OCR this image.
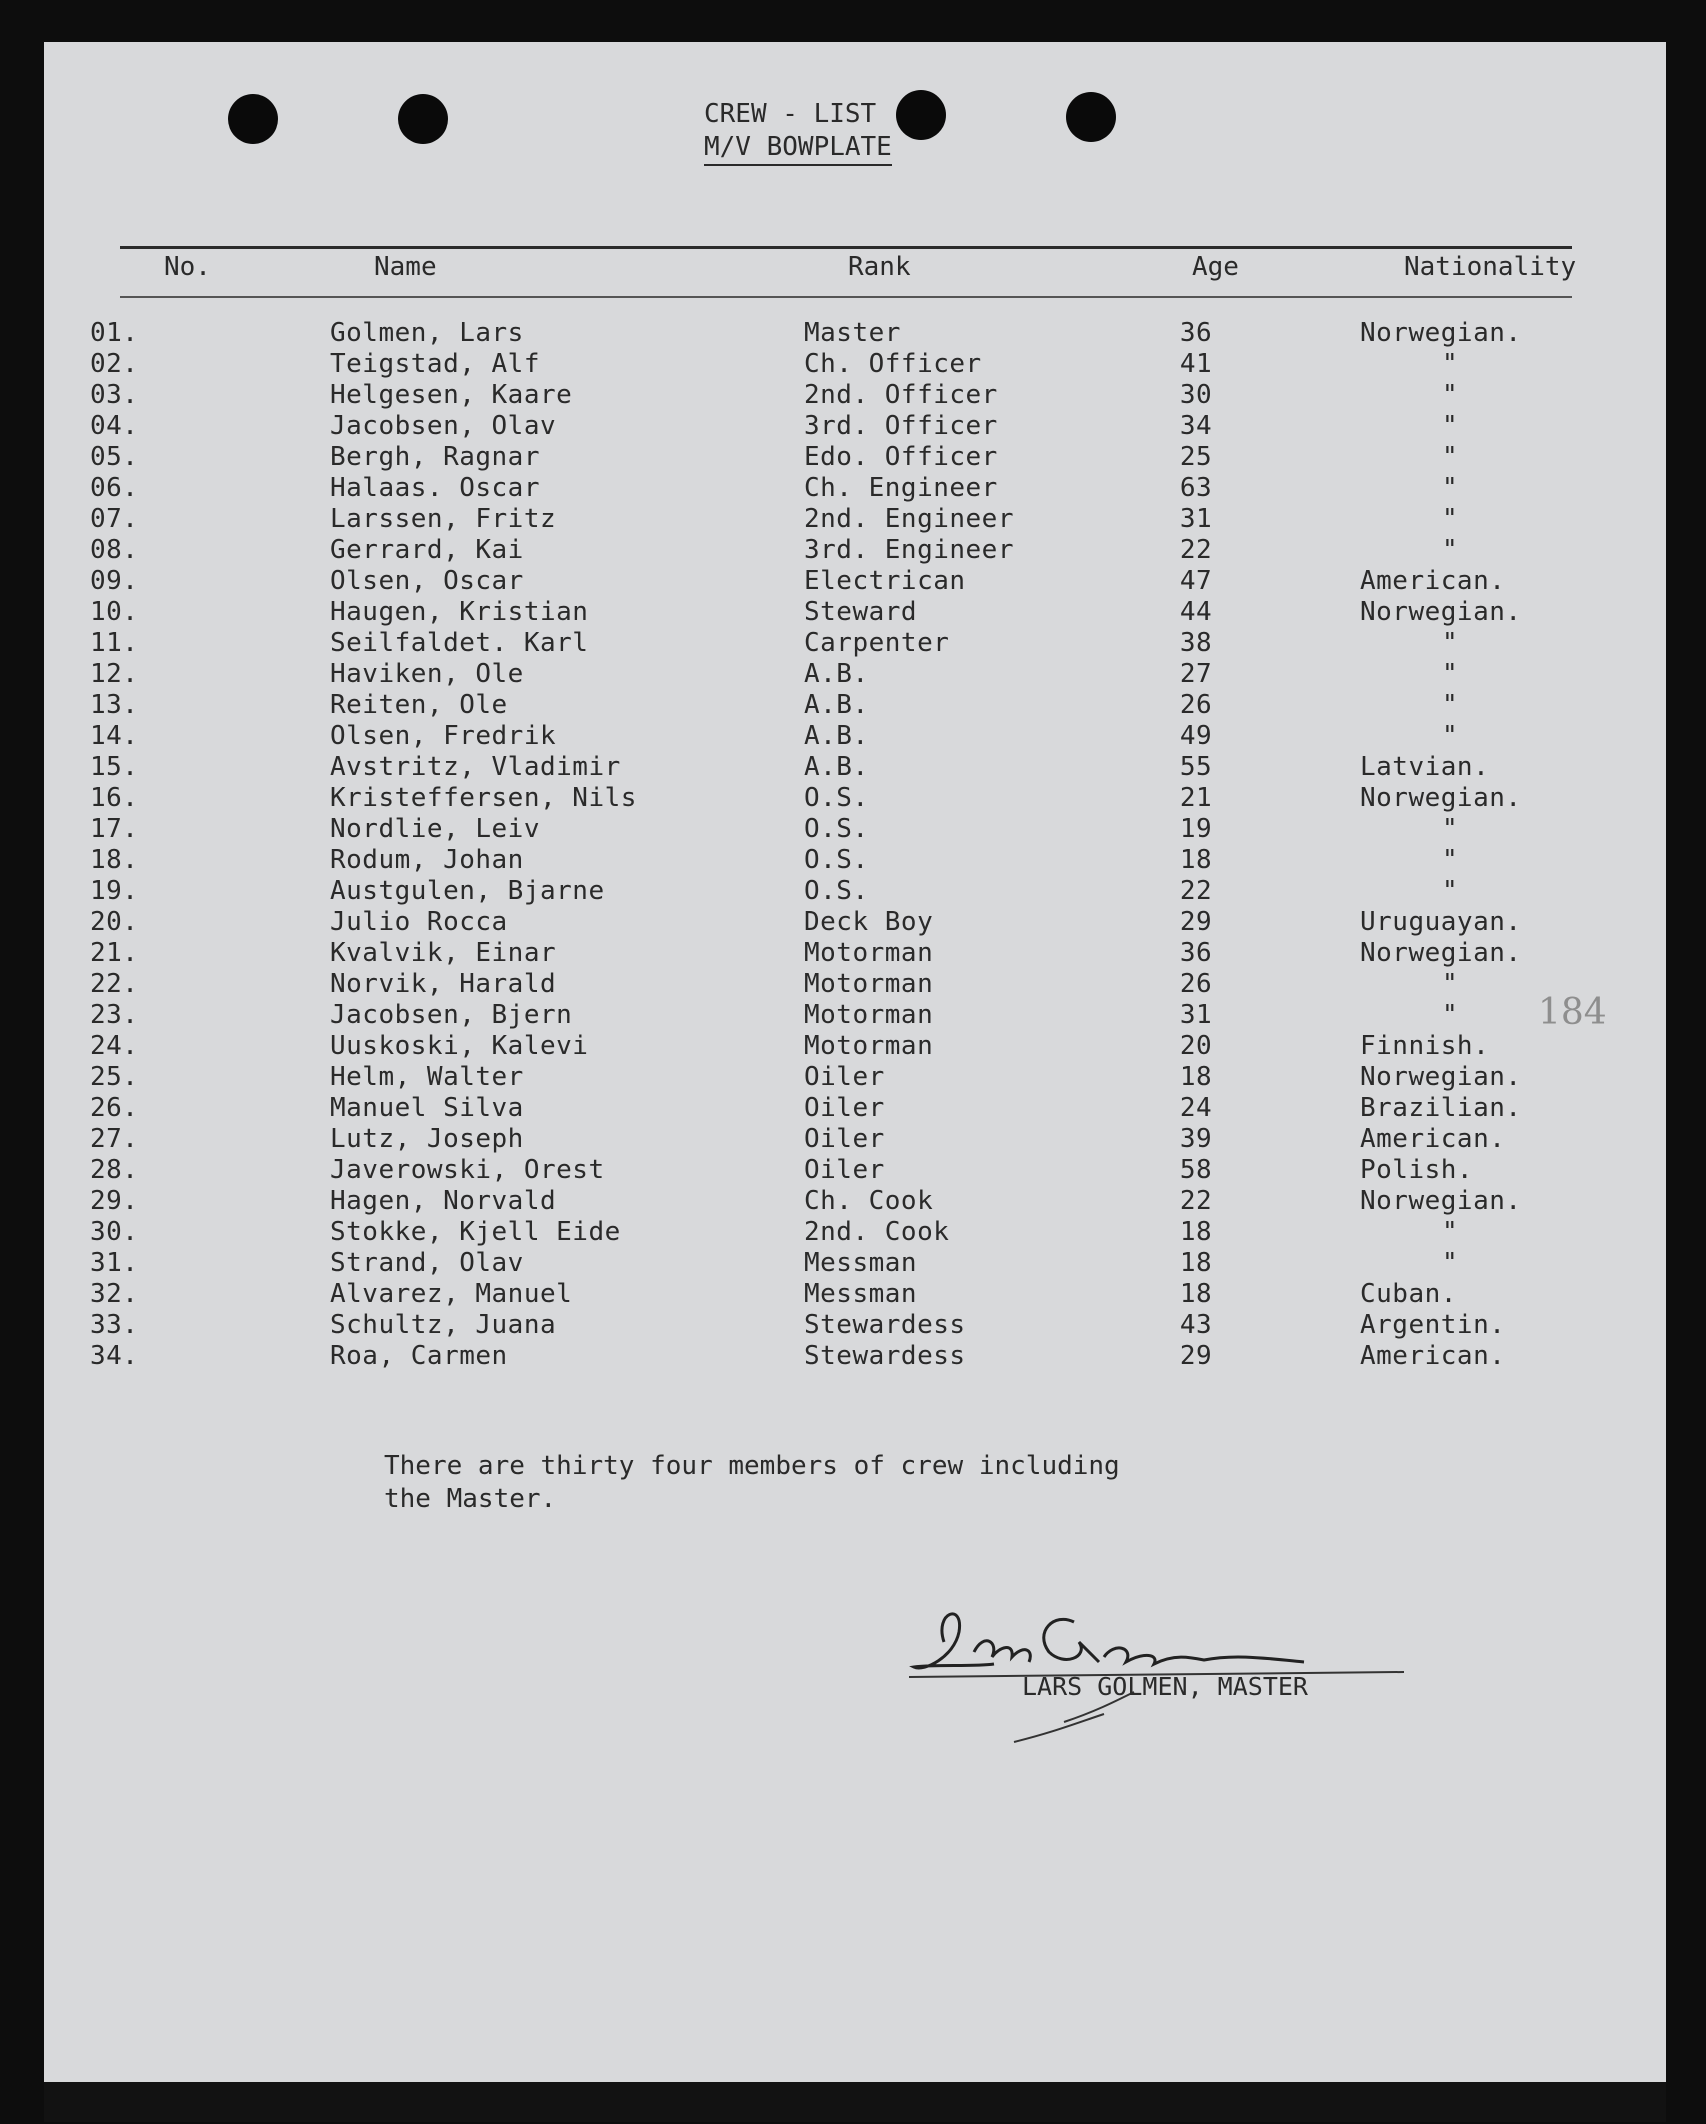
CREW - LIST
M/V BOWPLATE
No.	Name	Rank	Age	Nationality
01.	Golmen, Lars	Master	36	Norwegian.
02.	Teigstad, Alf	Ch. Officer	41	"
03.	Helgesen, Kaare	2nd. Officer	30	"
04.	Jacobsen, Olav	3rd. Officer	34	"
05.	Bergh, Ragnar	Edo. Officer	25	"
06.	Halaas. Oscar	Ch. Engineer	63	"
07.	Larssen, Fritz	2nd. Engineer	31	"
08.	Gerrard, Kai	3rd. Engineer	22	"
09.	Olsen, Oscar	Electrican	47	American.
10.	Haugen, Kristian	Steward	44	Norwegian.
11.	Seilfaldet. Karl	Carpenter	38	"
12.	Haviken, Ole	A.B.	27	"
13.	Reiten, Ole	A.B.	26	"
14.	Olsen, Fredrik	A.B.	49	"
15.	Avstritz, Vladimir	A.B.	55	Latvian.
16.	Kristeffersen, Nils	O.S.	21	Norwegian.
17.	Nordlie, Leiv	O.S.	19	"
18.	Rodum, Johan	O.S.	18	"
19.	Austgulen, Bjarne	O.S.	22	"
20.	Julio Rocca	Deck Boy	29	Uruguayan.
21.	Kvalvik, Einar	Motorman	36	Norwegian.
22.	Norvik, Harald	Motorman	26	"
23.	Jacobsen, Bjern	Motorman	31	"
24.	Uuskoski, Kalevi	Motorman	20	Finnish.
25.	Helm, Walter	Oiler	18	Norwegian.
26.	Manuel Silva	Oiler	24	Brazilian.
27.	Lutz, Joseph	Oiler	39	American.
28.	Javerowski, Orest	Oiler	58	Polish.
29.	Hagen, Norvald	Ch. Cook	22	Norwegian.
30.	Stokke, Kjell Eide	2nd. Cook	18	"
31.	Strand, Olav	Messman	18	"
32.	Alvarez, Manuel	Messman	18	Cuban.
33.	Schultz, Juana	Stewardess	43	Argentin.
34.	Roa, Carmen	Stewardess	29	American.
184
There are thirty four members of crew including
the Master.
LARS GOLMEN, MASTER
